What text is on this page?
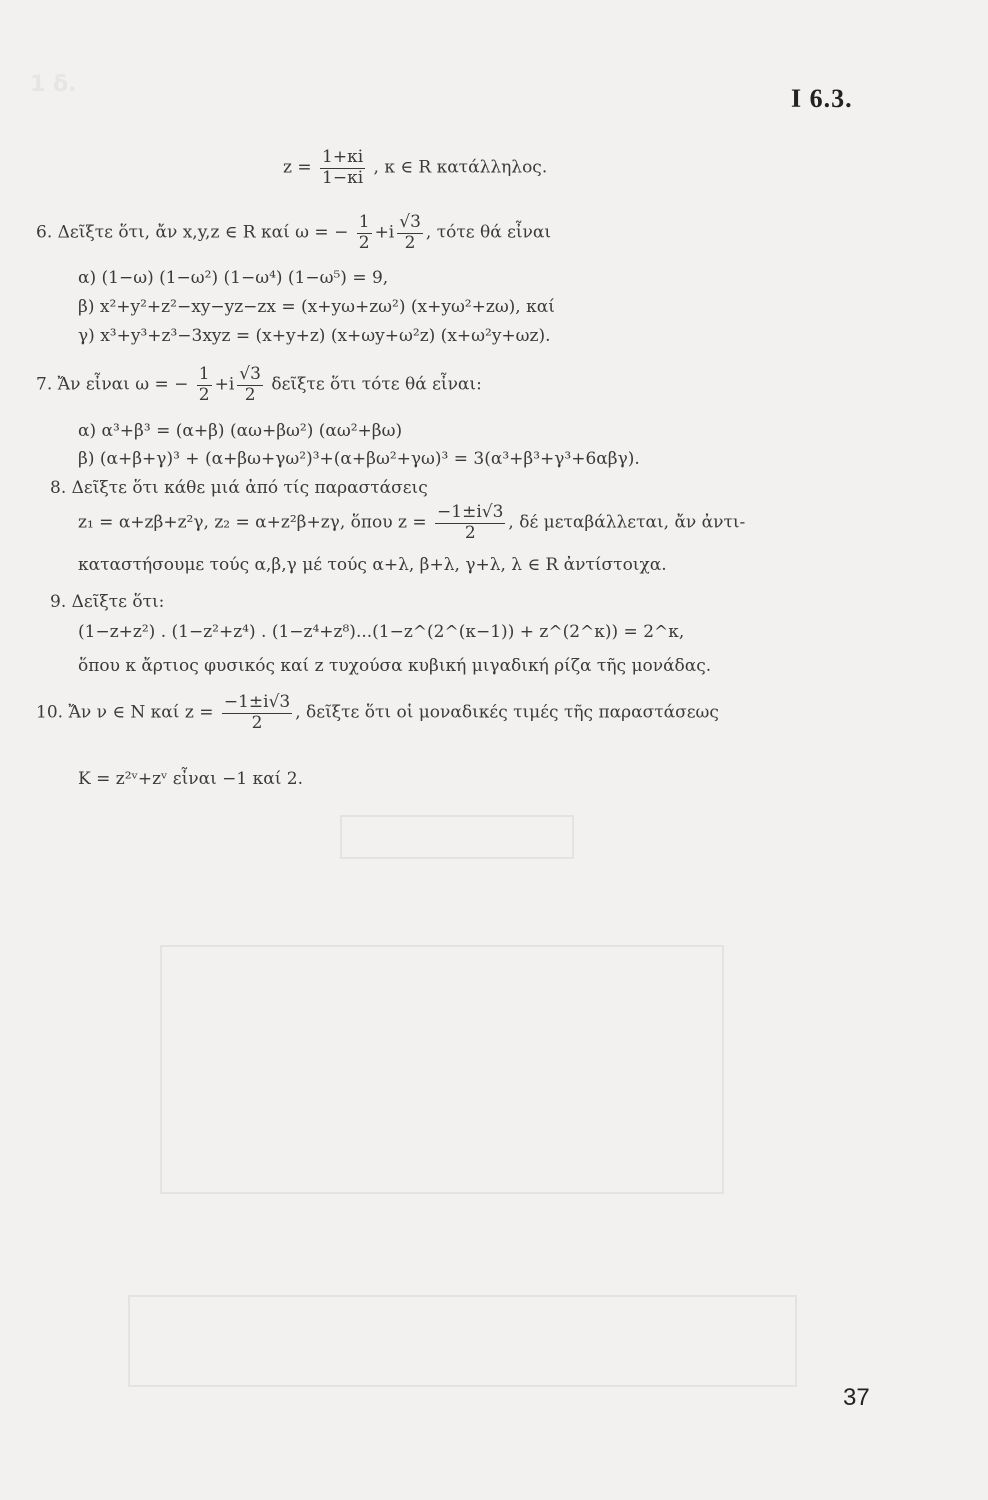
1 δ.	Ι 6.3.
$z = \frac{1+\kappa i}{1-\kappa i}$ , κ ∈ R κατάλληλος.
6. Δεῖξτε ὅτι, ἄν x,y,z ∈ R καί ω = − $\frac{1}{2} +i \frac{√3}{2}$ , τότε θά εἶναι
α) (1−ω) (1−ω²) (1−ω⁴) (1−ω⁵) = 9,
β) x²+y²+z²−xy−yz−zx = (x+yω+zω²) (x+yω²+zω), καί
γ) x³+y³+z³−3xyz = (x+y+z) (x+ωy+ω²z) (x+ω²y+ωz).
7. Ἄν εἶναι ω = − $\frac{1}{2} +i \frac{√3}{2}$ δεῖξτε ὅτι τότε θά εἶναι:
α) α³+β³ = (α+β) (αω+βω²) (αω²+βω)
β) (α+β+γ)³ + (α+βω+γω²)³+(α+βω²+γω)³ = 3(α³+β³+γ³+6αβγ).
8. Δεῖξτε ὅτι κάθε μιά ἀπό τίς παραστάσεις
z₁ = α+zβ+z²γ, z₂ = α+z²β+zγ, ὅπου $z = \frac{-1\pm i√3}{2}$ , δέ μεταβάλλεται, ἄν ἀντι-
καταστήσουμε τούς α,β,γ μέ τούς α+λ, β+λ, γ+λ, λ ∈ R ἀντίστοιχα.
9. Δεῖξτε ὅτι:
(1−z+z²) . (1−z²+z⁴) . (1−z⁴+z⁸)...(1−z^(2^(κ−1)) + z^(2^κ)) = 2^κ,
ὅπου κ ἄρτιος φυσικός καί z τυχούσα κυβική μιγαδική ρίζα τῆς μονάδας.
10. Ἄν ν ∈ N καί $z = \frac{-1\pm i√3}{2}$ , δεῖξτε ὅτι οἱ μοναδικές τιμές τῆς παραστάσεως
K = z²ᵛ+zᵛ εἶναι −1 καί 2.
37
